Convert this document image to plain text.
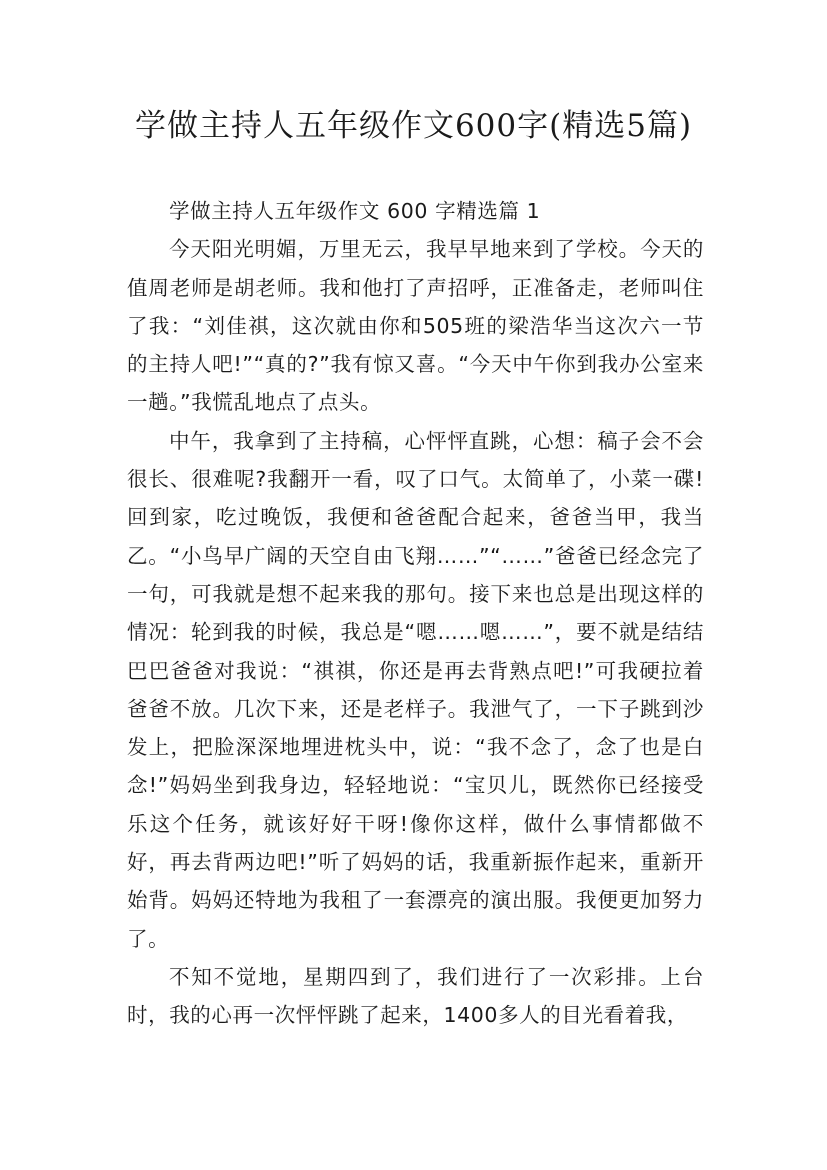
学做主持人五年级作文600字(精选5篇)

学做主持人五年级作文 600 字精选篇 1

今天阳光明媚，万里无云，我早早地来到了学校。今天的值周老师是胡老师。我和他打了声招呼，正准备走，老师叫住了我：“刘佳祺，这次就由你和505班的梁浩华当这次六一节的主持人吧!”“真的?”我有惊又喜。“今天中午你到我办公室来一趟。”我慌乱地点了点头。

中午，我拿到了主持稿，心怦怦直跳，心想：稿子会不会很长、很难呢?我翻开一看，叹了口气。太简单了，小菜一碟!回到家，吃过晚饭，我便和爸爸配合起来，爸爸当甲，我当乙。“小鸟早广阔的天空自由飞翔……”“……”爸爸已经念完了一句，可我就是想不起来我的那句。接下来也总是出现这样的情况：轮到我的时候，我总是“嗯……嗯……”，要不就是结结巴巴爸爸对我说：“祺祺，你还是再去背熟点吧!”可我硬拉着爸爸不放。几次下来，还是老样子。我泄气了，一下子跳到沙发上，把脸深深地埋进枕头中，说：“我不念了，念了也是白念!”妈妈坐到我身边，轻轻地说：“宝贝儿，既然你已经接受乐这个任务，就该好好干呀!像你这样，做什么事情都做不好，再去背两边吧!”听了妈妈的话，我重新振作起来，重新开始背。妈妈还特地为我租了一套漂亮的演出服。我便更加努力了。

不知不觉地，星期四到了，我们进行了一次彩排。上台时，我的心再一次怦怦跳了起来，1400多人的目光看着我，
